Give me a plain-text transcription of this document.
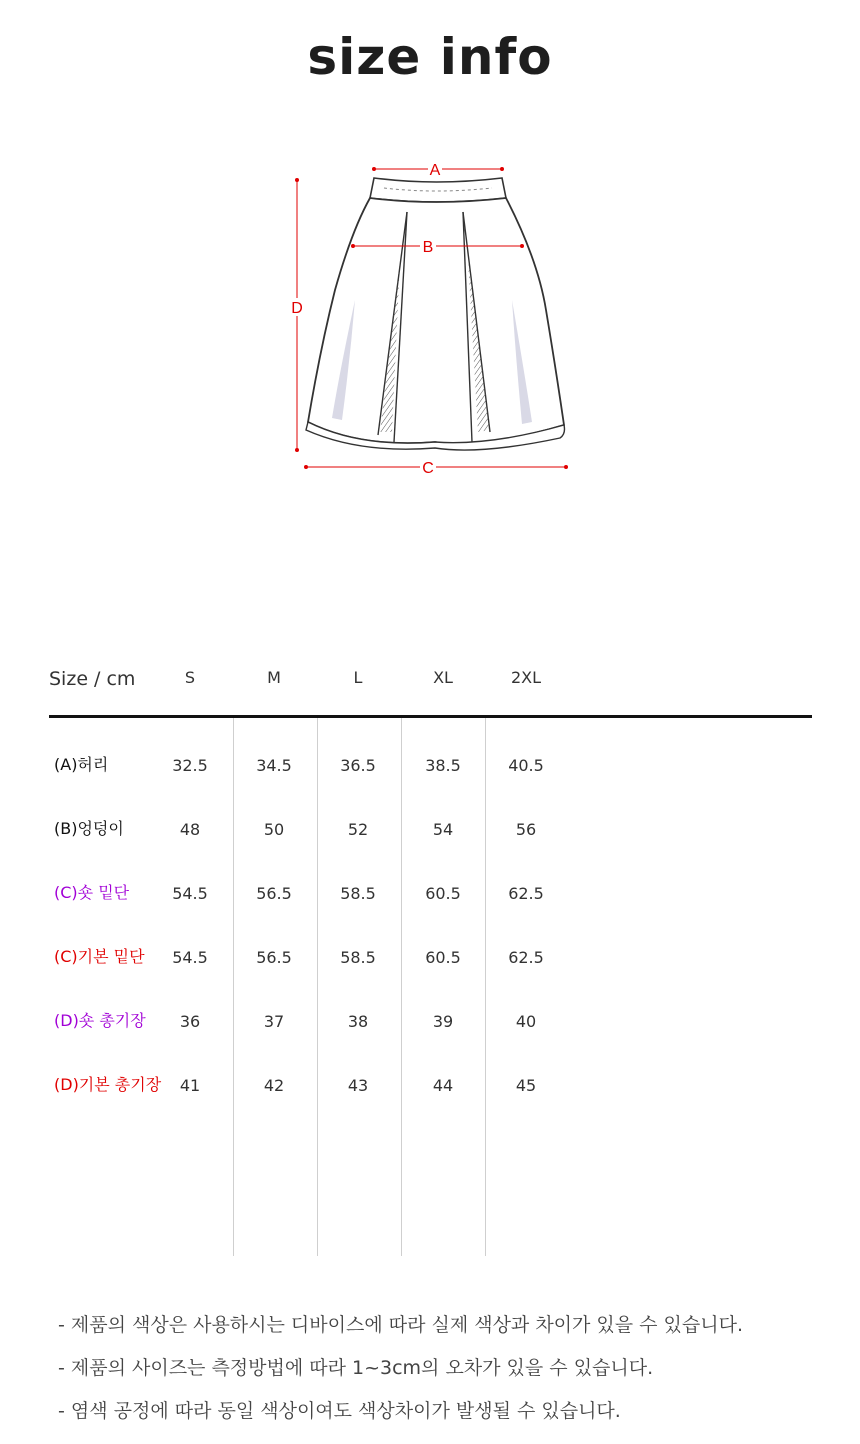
size info
A
B
C
D
Size / cm	S	M	L	XL	2XL
(A)허리	32.5	34.5	36.5	38.5	40.5
(B)엉덩이	48	50	52	54	56
(C)숏 밑단	54.5	56.5	58.5	60.5	62.5
(C)기본 밑단	54.5	56.5	58.5	60.5	62.5
(D)숏 총기장	36	37	38	39	40
(D)기본 총기장	41	42	43	44	45
- 제품의 색상은 사용하시는 디바이스에 따라 실제 색상과 차이가 있을 수 있습니다.
- 제품의 사이즈는 측정방법에 따라 1~3cm의 오차가 있을 수 있습니다.
- 염색 공정에 따라 동일 색상이여도 색상차이가 발생될 수 있습니다.
